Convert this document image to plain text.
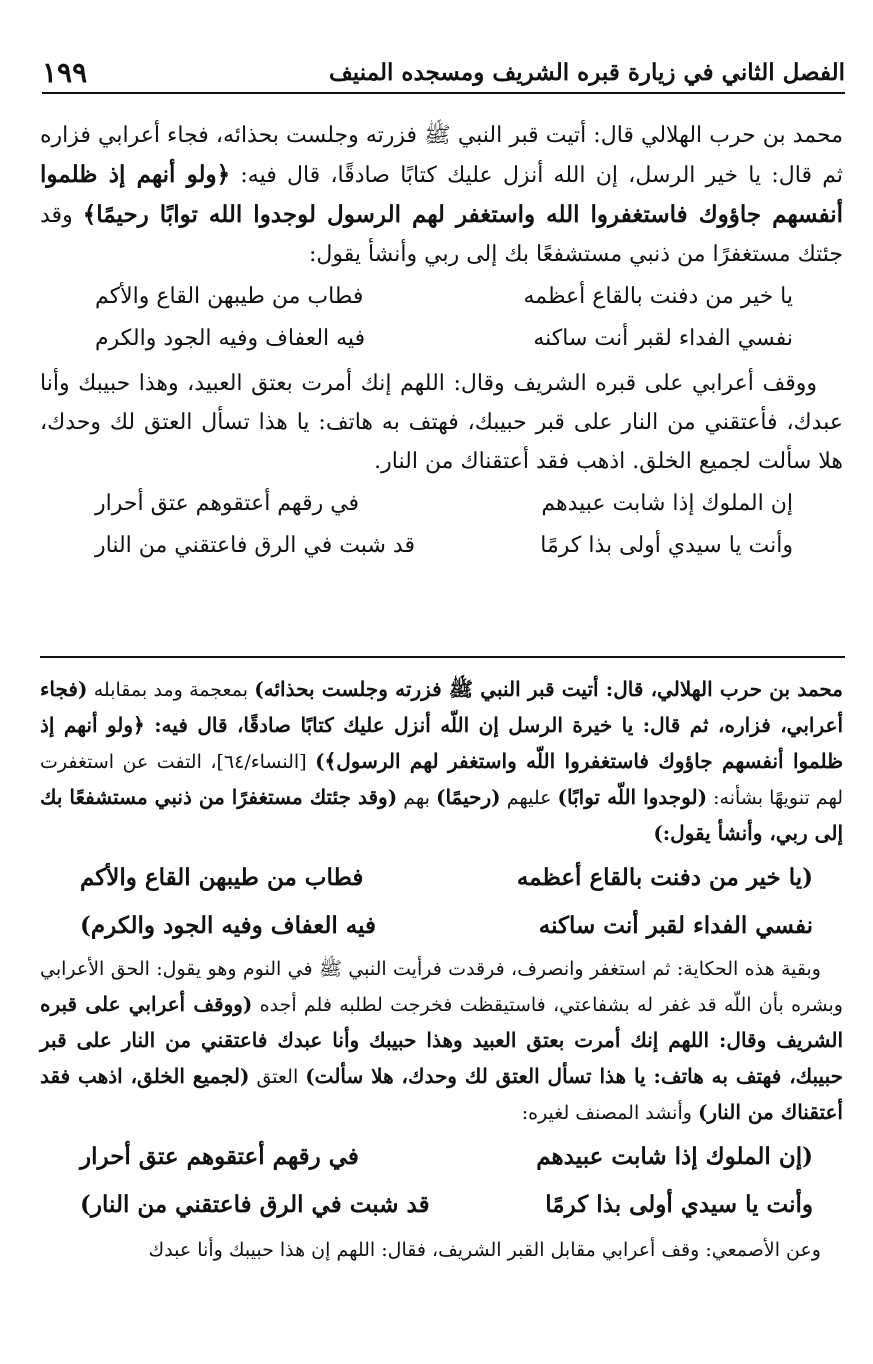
١٩٩	الفصل الثاني في زيارة قبره الشريف ومسجده المنيف

محمد بن حرب الهلالي قال: أتيت قبر النبي ﷺ فزرته وجلست بحذائه، فجاء أعرابي فزاره ثم قال: يا خير الرسل، إن الله أنزل عليك كتابًا صادقًا، قال فيه: ﴿ولو أنهم إذ ظلموا أنفسهم جاؤوك فاستغفروا الله واستغفر لهم الرسول لوجدوا الله توابًا رحيمًا﴾ وقد جئتك مستغفرًا من ذنبي مستشفعًا بك إلى ربي وأنشأ يقول:

يا خير من دفنت بالقاع أعظمه
فطاب من طيبهن القاع والأكم
نفسي الفداء لقبر أنت ساكنه
فيه العفاف وفيه الجود والكرم

ووقف أعرابي على قبره الشريف وقال: اللهم إنك أمرت بعتق العبيد، وهذا حبيبك وأنا عبدك، فأعتقني من النار على قبر حبيبك، فهتف به هاتف: يا هذا تسأل العتق لك وحدك، هلا سألت لجميع الخلق. اذهب فقد أعتقناك من النار.

إن الملوك إذا شابت عبيدهم
في رقهم أعتقوهم عتق أحرار
وأنت يا سيدي أولى بذا كرمًا
قد شبت في الرق فاعتقني من النار

محمد بن حرب الهلالي، قال: أتيت قبر النبي ﷺ فزرته وجلست بحذائه) بمعجمة ومد بمقابله (فجاء أعرابي، فزاره، ثم قال: يا خيرة الرسل إن اللّه أنزل عليك كتابًا صادقًا، قال فيه: ﴿ولو أنهم إذ ظلموا أنفسهم جاؤوك فاستغفروا اللّه واستغفر لهم الرسول﴾) [النساء/٦٤]، التفت عن استغفرت لهم تنويهًا بشأنه: (لوجدوا اللّه توابًا) عليهم (رحيمًا) بهم (وقد جئتك مستغفرًا من ذنبي مستشفعًا بك إلى ربي، وأنشأ يقول:)

(يا خير من دفنت بالقاع أعظمه
فطاب من طيبهن القاع والأكم
نفسي الفداء لقبر أنت ساكنه
فيه العفاف وفيه الجود والكرم)

وبقية هذه الحكاية: ثم استغفر وانصرف، فرقدت فرأيت النبي ﷺ في النوم وهو يقول: الحق الأعرابي وبشره بأن اللّه قد غفر له بشفاعتي، فاستيقظت فخرجت لطلبه فلم أجده (ووقف أعرابي على قبره الشريف وقال: اللهم إنك أمرت بعتق العبيد وهذا حبيبك وأنا عبدك فاعتقني من النار على قبر حبيبك، فهتف به هاتف: يا هذا تسأل العتق لك وحدك، هلا سألت) العتق (لجميع الخلق، اذهب فقد أعتقناك من النار) وأنشد المصنف لغيره:

(إن الملوك إذا شابت عبيدهم
في رقهم أعتقوهم عتق أحرار
وأنت يا سيدي أولى بذا كرمًا
قد شبت في الرق فاعتقني من النار)

وعن الأصمعي: وقف أعرابي مقابل القبر الشريف، فقال: اللهم إن هذا حبيبك وأنا عبدك
